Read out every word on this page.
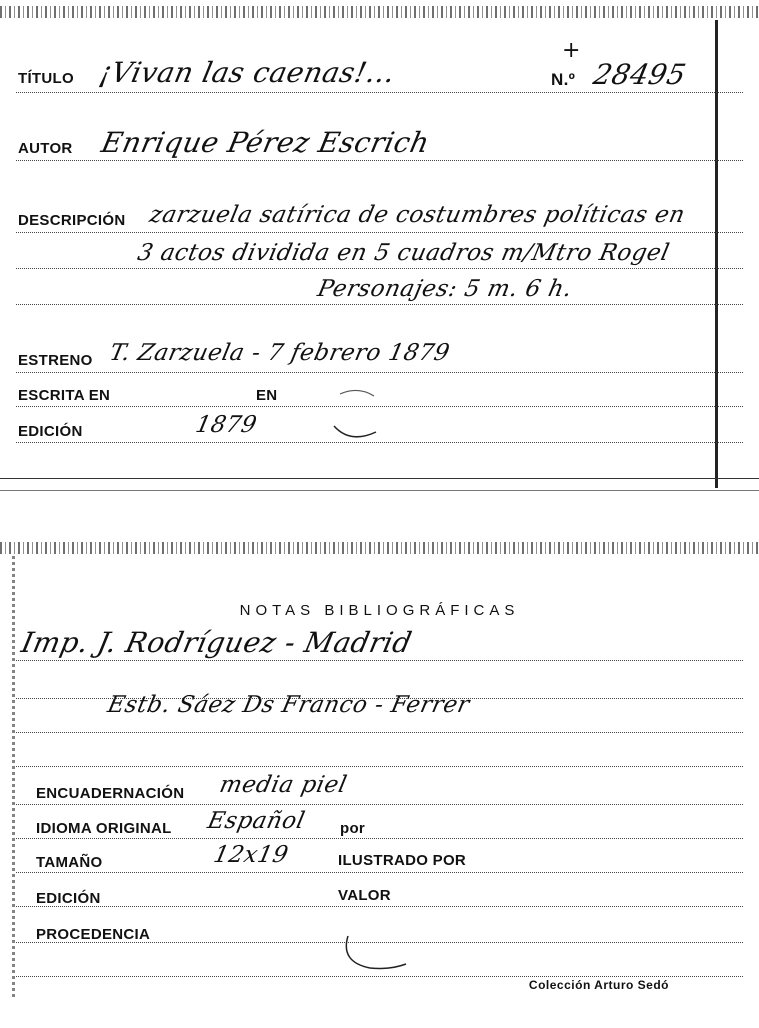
TÍTULO ¡Vivan las caenas!...
+
N.º 28495
AUTOR Enrique Pérez Escrich
DESCRIPCIÓN zarzuela satírica de costumbres políticas en
3 actos dividida en 5 cuadros m/Mtro Rogel
Personajes: 5 m. 6 h.
ESTRENO T. Zarzuela - 7 febrero 1879
ESCRITA EN	EN
EDICIÓN	1879
NOTAS BIBLIOGRÁFICAS
Imp. J. Rodríguez - Madrid
Estb. Sáez Ds Franco - Ferrer
ENCUADERNACIÓN media piel
IDIOMA ORIGINAL Español por
TAMAÑO	12x19	ILUSTRADO POR
EDICIÓN	VALOR
PROCEDENCIA
Colección Arturo Sedó
